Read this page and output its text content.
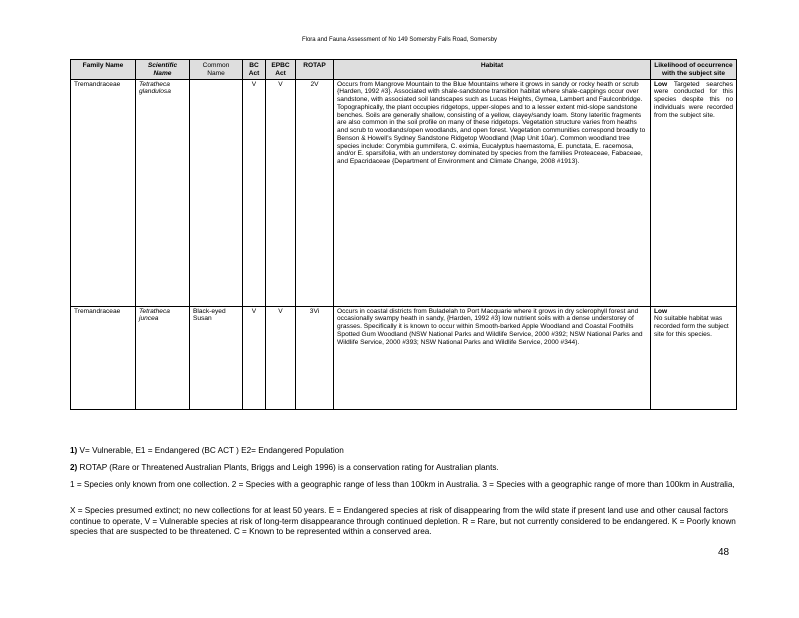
Flora and Fauna Assessment of No 149 Somersby Falls Road, Somersby
Family Name	Scientific Name	Common Name	BC Act	EPBC Act	ROTAP	Habitat	Likelihood of occurrence with the subject site
Tremandraceae	Tetratheca glandulosa		V	V	2V	Occurs from Mangrove Mountain to the Blue Mountains where it grows in sandy or rocky heath or scrub {Harden, 1992 #3}. Associated with shale-sandstone transition habitat where shale-cappings occur over sandstone, with associated soil landscapes such as Lucas Heights, Gymea, Lambert and Faulconbridge. Topographically, the plant occupies ridgetops, upper-slopes and to a lesser extent mid-slope sandstone benches. Soils are generally shallow, consisting of a yellow, clayey/sandy loam. Stony lateritic fragments are also common in the soil profile on many of these ridgetops. Vegetation structure varies from heaths and scrub to woodlands/open woodlands, and open forest. Vegetation communities correspond broadly to Benson & Howell's Sydney Sandstone Ridgetop Woodland (Map Unit 10ar). Common woodland tree species include: Corymbia gummifera, C. eximia, Eucalyptus haemastoma, E. punctata, E. racemosa, and/or E. sparsifolia, with an understorey dominated by species from the families Proteaceae, Fabaceae, and Epacridaceae {Department of Environment and Climate Change, 2008 #1913}.	Low Targeted searches were conducted for this species despite this no individuals were recorded from the subject site.
Tremandraceae	Tetratheca juncea	Black-eyed Susan	V	V	3Vi	Occurs in coastal districts from Buladelah to Port Macquarie where it grows in dry sclerophyll forest and occasionally swampy heath in sandy, {Harden, 1992 #3} low nutrient soils with a dense understorey of grasses. Specifically it is known to occur within Smooth-barked Apple Woodland and Coastal Foothills Spotted Gum Woodland (NSW National Parks and Wildlife Service, 2000 #392; NSW National Parks and Wildlife Service, 2000 #393; NSW National Parks and Wildlife Service, 2000 #344).	Low
No suitable habitat was recorded form the subject site for this species.
1) V= Vulnerable, E1 = Endangered (BC ACT ) E2= Endangered Population
2) ROTAP (Rare or Threatened Australian Plants, Briggs and Leigh 1996) is a conservation rating for Australian plants.
1 = Species only known from one collection. 2 = Species with a geographic range of less than 100km in Australia. 3 = Species with a geographic range of more than 100km in Australia,
X = Species presumed extinct; no new collections for at least 50 years. E = Endangered species at risk of disappearing from the wild state if present land use and other causal factors continue to operate, V = Vulnerable species at risk of long-term disappearance through continued depletion. R = Rare, but not currently considered to be endangered. K = Poorly known species that are suspected to be threatened. C = Known to be represented within a conserved area.
48
